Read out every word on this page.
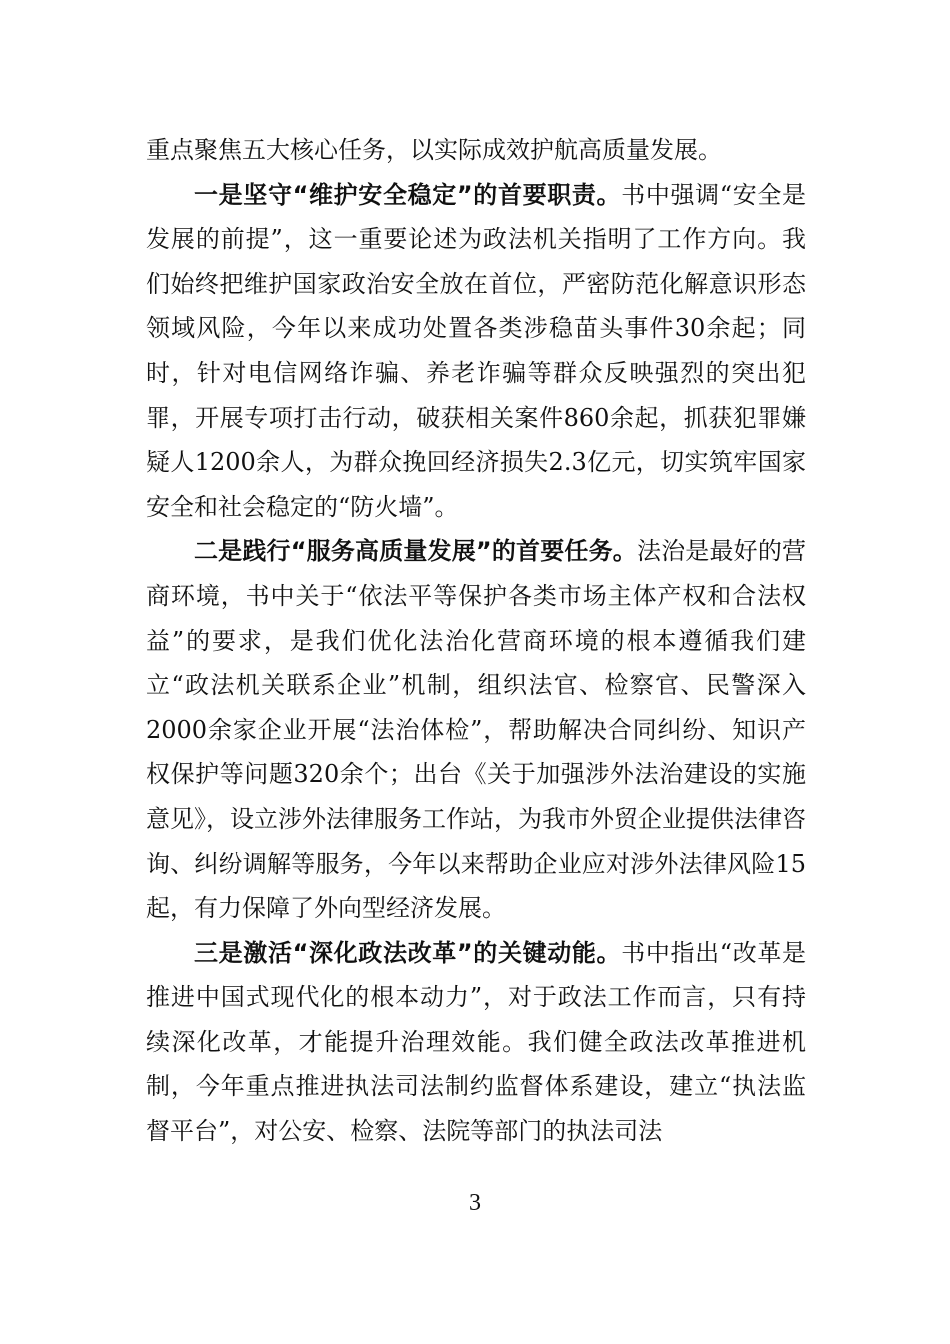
重点聚焦五大核心任务，以实际成效护航高质量发展。

一是坚守“维护安全稳定”的首要职责。书中强调“安全是发展的前提”，这一重要论述为政法机关指明了工作方向。我们始终把维护国家政治安全放在首位，严密防范化解意识形态领域风险，今年以来成功处置各类涉稳苗头事件30余起；同时，针对电信网络诈骗、养老诈骗等群众反映强烈的突出犯罪，开展专项打击行动，破获相关案件860余起，抓获犯罪嫌疑人1200余人，为群众挽回经济损失2.3亿元，切实筑牢国家安全和社会稳定的“防火墙”。

二是践行“服务高质量发展”的首要任务。法治是最好的营商环境，书中关于“依法平等保护各类市场主体产权和合法权益”的要求，是我们优化法治化营商环境的根本遵循我们建立“政法机关联系企业”机制，组织法官、检察官、民警深入2000余家企业开展“法治体检”，帮助解决合同纠纷、知识产权保护等问题320余个；出台《关于加强涉外法治建设的实施意见》，设立涉外法律服务工作站，为我市外贸企业提供法律咨询、纠纷调解等服务，今年以来帮助企业应对涉外法律风险15起，有力保障了外向型经济发展。

三是激活“深化政法改革”的关键动能。书中指出“改革是推进中国式现代化的根本动力”，对于政法工作而言，只有持续深化改革，才能提升治理效能。我们健全政法改革推进机制，今年重点推进执法司法制约监督体系建设，建立“执法监督平台”，对公安、检察、法院等部门的执法司法

3
